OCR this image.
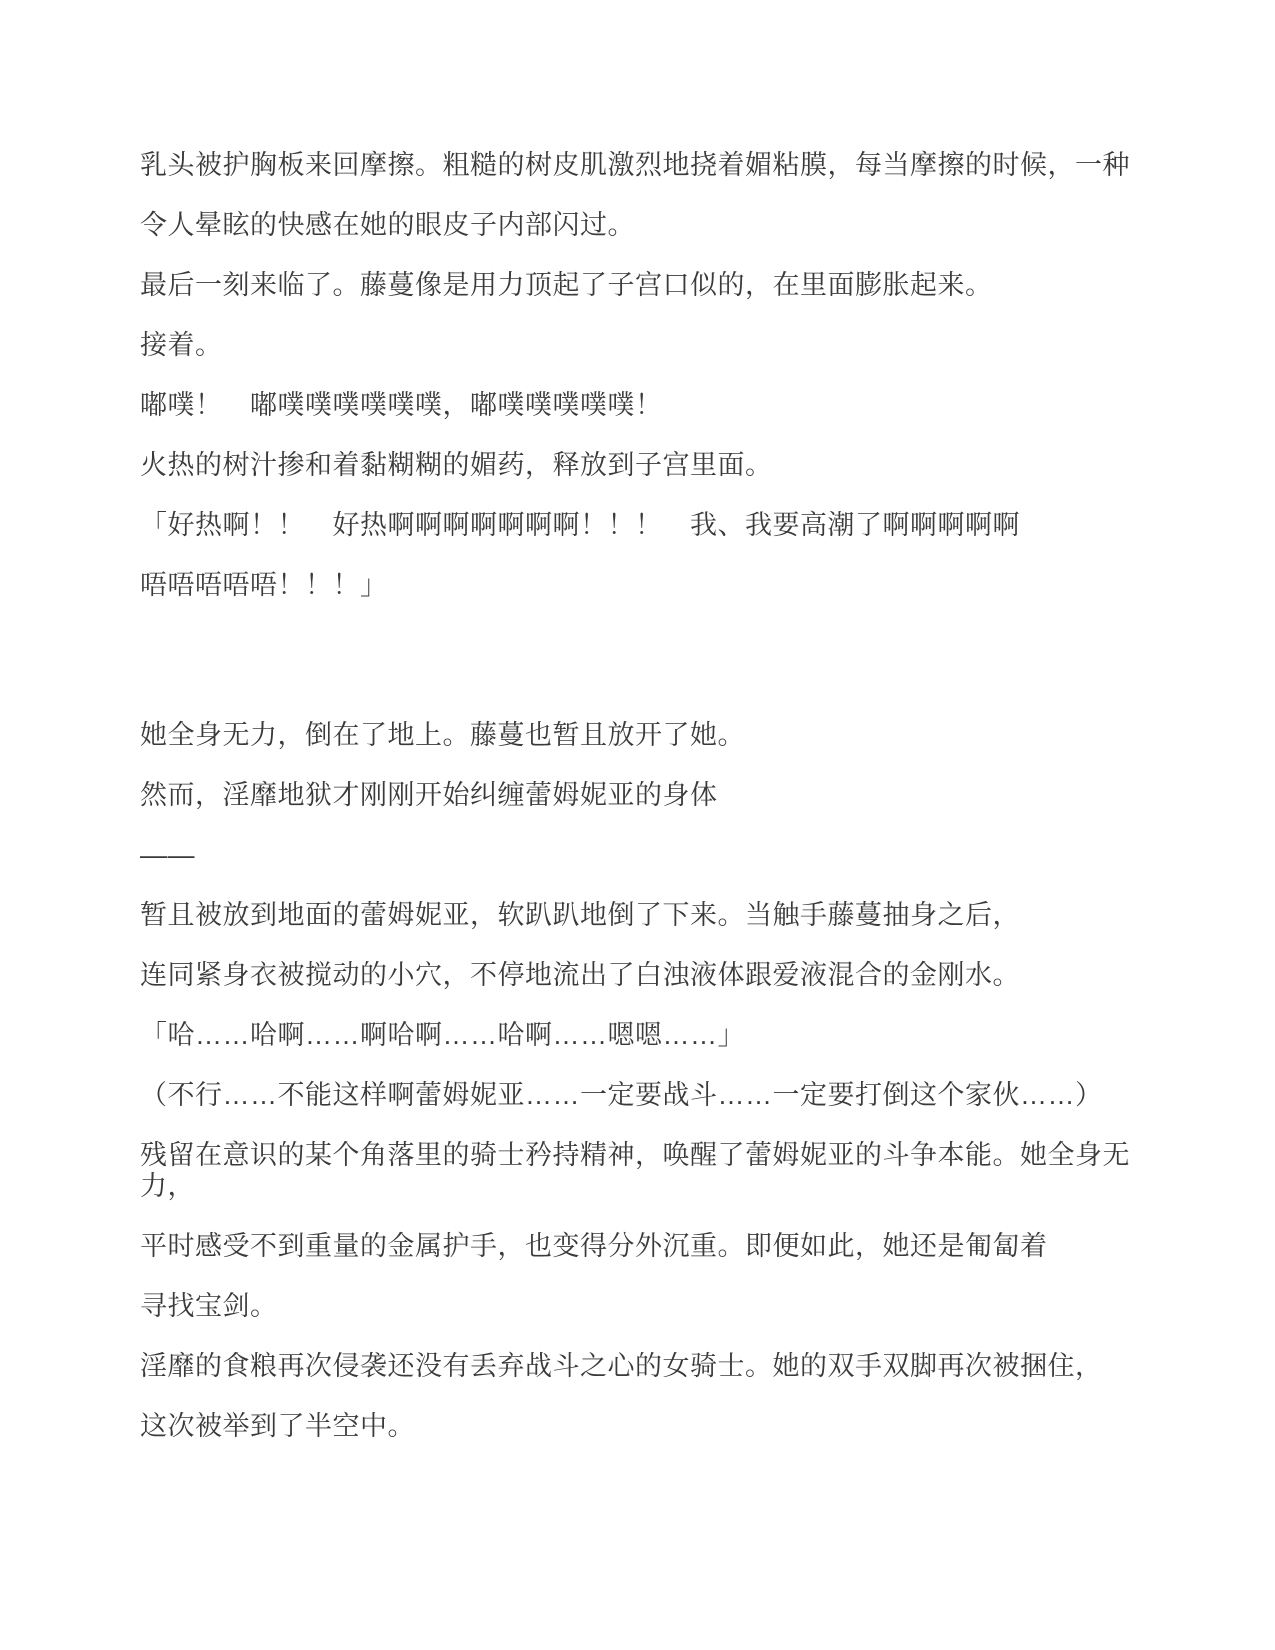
乳头被护胸板来回摩擦。粗糙的树皮肌激烈地挠着媚粘膜，每当摩擦的时候，一种
令人晕眩的快感在她的眼皮子内部闪过。
最后一刻来临了。藤蔓像是用力顶起了子宫口似的，在里面膨胀起来。
接着。
嘟噗！　嘟噗噗噗噗噗噗，嘟噗噗噗噗噗！
火热的树汁掺和着黏糊糊的媚药，释放到子宫里面。
「好热啊！！　好热啊啊啊啊啊啊啊！！！　我、我要高潮了啊啊啊啊啊
唔唔唔唔唔！！！」
她全身无力，倒在了地上。藤蔓也暂且放开了她。
然而，淫靡地狱才刚刚开始纠缠蕾姆妮亚的身体
——
暂且被放到地面的蕾姆妮亚，软趴趴地倒了下来。当触手藤蔓抽身之后，
连同紧身衣被搅动的小穴，不停地流出了白浊液体跟爱液混合的金刚水。
「哈……哈啊……啊哈啊……哈啊……嗯嗯……」
（不行……不能这样啊蕾姆妮亚……一定要战斗……一定要打倒这个家伙……）
残留在意识的某个角落里的骑士矜持精神，唤醒了蕾姆妮亚的斗争本能。她全身无
力，
平时感受不到重量的金属护手，也变得分外沉重。即便如此，她还是匍匐着
寻找宝剑。
淫靡的食粮再次侵袭还没有丢弃战斗之心的女骑士。她的双手双脚再次被捆住，
这次被举到了半空中。
